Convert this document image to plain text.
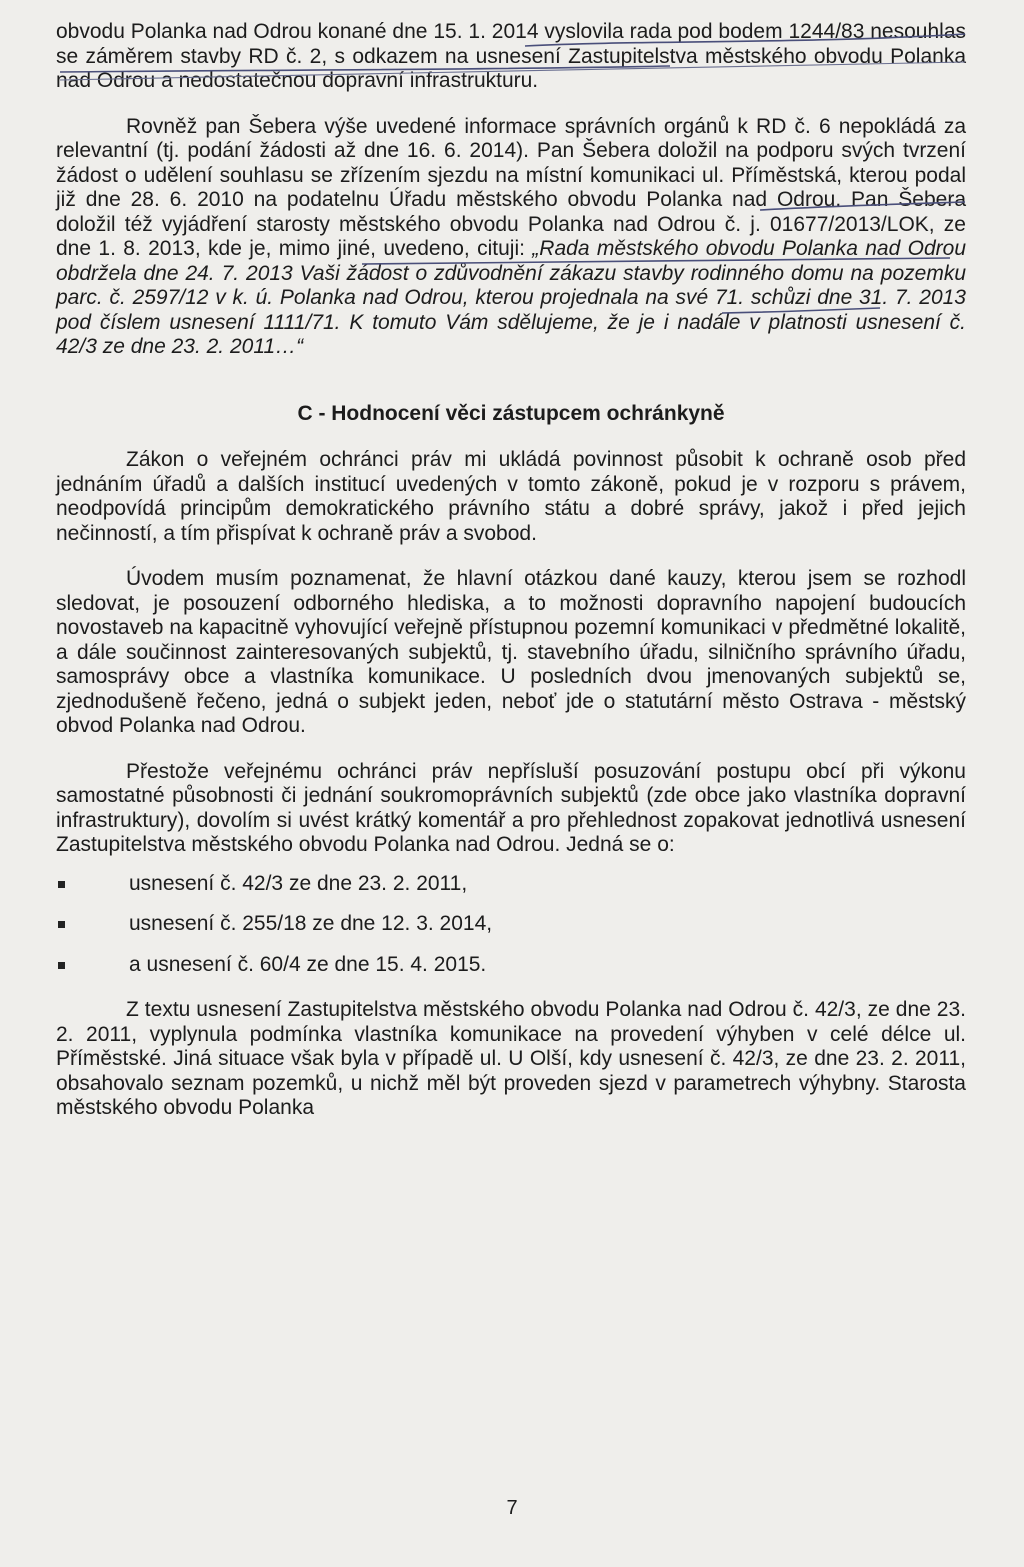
obvodu Polanka nad Odrou konané dne 15. 1. 2014 vyslovila rada pod bodem 1244/83 nesouhlas se záměrem stavby RD č. 2, s odkazem na usnesení Zastupitelstva městského obvodu Polanka nad Odrou a nedostatečnou dopravní infrastrukturu.

Rovněž pan Šebera výše uvedené informace správních orgánů k RD č. 6 nepokládá za relevantní (tj. podání žádosti až dne 16. 6. 2014). Pan Šebera doložil na podporu svých tvrzení žádost o udělení souhlasu se zřízením sjezdu na místní komunikaci ul. Příměstská, kterou podal již dne 28. 6. 2010 na podatelnu Úřadu městského obvodu Polanka nad Odrou. Pan Šebera doložil též vyjádření starosty městského obvodu Polanka nad Odrou č. j. 01677/2013/LOK, ze dne 1. 8. 2013, kde je, mimo jiné, uvedeno, cituji: „Rada městského obvodu Polanka nad Odrou obdržela dne 24. 7. 2013 Vaši žádost o zdůvodnění zákazu stavby rodinného domu na pozemku parc. č. 2597/12 v k. ú. Polanka nad Odrou, kterou projednala na své 71. schůzi dne 31. 7. 2013 pod číslem usnesení 1111/71. K tomuto Vám sdělujeme, že je i nadále v platnosti usnesení č. 42/3 ze dne 23. 2. 2011…“

C - Hodnocení věci zástupcem ochránkyně

Zákon o veřejném ochránci práv mi ukládá povinnost působit k ochraně osob před jednáním úřadů a dalších institucí uvedených v tomto zákoně, pokud je v rozporu s právem, neodpovídá principům demokratického právního státu a dobré správy, jakož i před jejich nečinností, a tím přispívat k ochraně práv a svobod.

Úvodem musím poznamenat, že hlavní otázkou dané kauzy, kterou jsem se rozhodl sledovat, je posouzení odborného hlediska, a to možnosti dopravního napojení budoucích novostaveb na kapacitně vyhovující veřejně přístupnou pozemní komunikaci v předmětné lokalitě, a dále součinnost zainteresovaných subjektů, tj. stavebního úřadu, silničního správního úřadu, samosprávy obce a vlastníka komunikace. U posledních dvou jmenovaných subjektů se, zjednodušeně řečeno, jedná o subjekt jeden, neboť jde o statutární město Ostrava - městský obvod Polanka nad Odrou.

Přestože veřejnému ochránci práv nepřísluší posuzování postupu obcí při výkonu samostatné působnosti či jednání soukromoprávních subjektů (zde obce jako vlastníka dopravní infrastruktury), dovolím si uvést krátký komentář a pro přehlednost zopakovat jednotlivá usnesení Zastupitelstva městského obvodu Polanka nad Odrou. Jedná se o:

usnesení č. 42/3 ze dne 23. 2. 2011,
usnesení č. 255/18 ze dne 12. 3. 2014,
a usnesení č. 60/4 ze dne 15. 4. 2015.

Z textu usnesení Zastupitelstva městského obvodu Polanka nad Odrou č. 42/3, ze dne 23. 2. 2011, vyplynula podmínka vlastníka komunikace na provedení výhyben v celé délce ul. Příměstské. Jiná situace však byla v případě ul. U Olší, kdy usnesení č. 42/3, ze dne 23. 2. 2011, obsahovalo seznam pozemků, u nichž měl být proveden sjezd v parametrech výhybny. Starosta městského obvodu Polanka

7
